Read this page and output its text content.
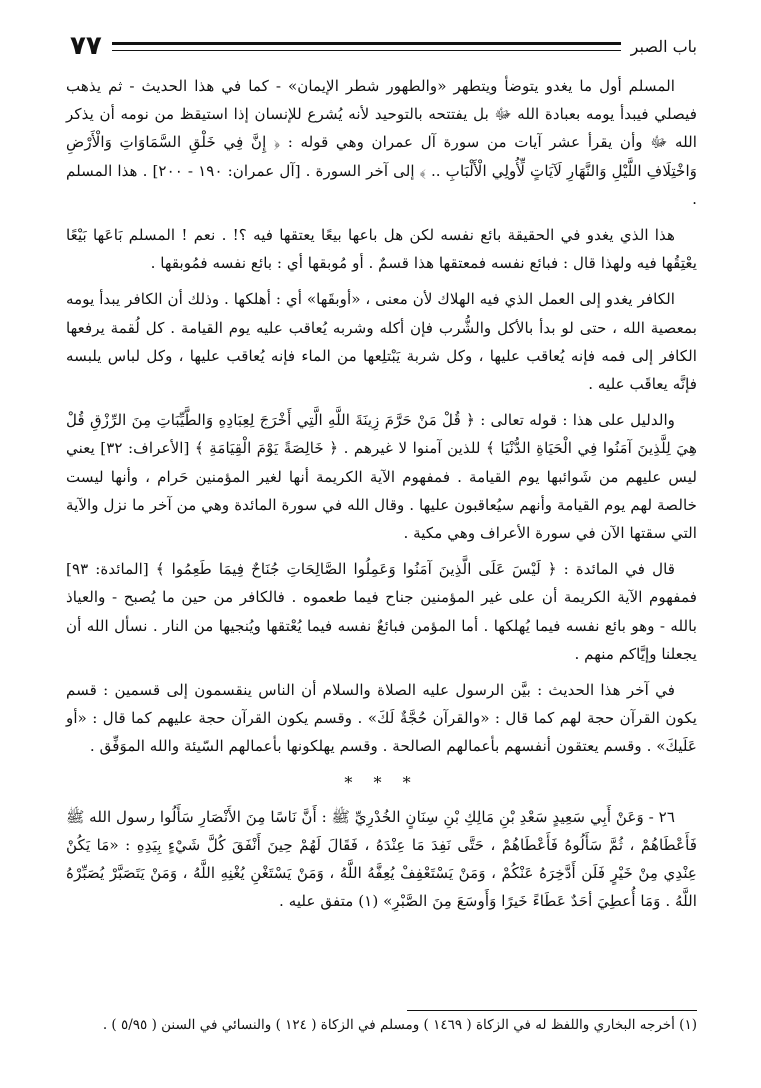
باب الصبر
٧٧

المسلم أول ما يغدو يتوضأ ويتطهر «والطهور شطر الإيمان» - كما في هذا الحديث - ثم يذهب فيصلي فيبدأ يومه بعبادة الله ﷻ بل يفتتحه بالتوحيد لأنه يُشرع للإنسان إذا استيقظ من نومه أن يذكر الله ﷻ وأن يقرأ عشر آيات من سورة آل عمران وهي قوله : ﴿ إِنَّ فِي خَلْقِ السَّمَاوَاتِ وَالْأَرْضِ وَاخْتِلَافِ اللَّيْلِ وَالنَّهَارِ لَآيَاتٍ لِّأُولِي الْأَلْبَابِ .. ﴾ إلى آخر السورة . [آل عمران: ١٩٠ - ٢٠٠] . هذا المسلم .

هذا الذي يغدو في الحقيقة بائع نفسه لكن هل باعها بيعًا يعتقها فيه ؟! . نعم ! المسلم بَاعَها بَيْعًا يعْتِقُها فيه ولهذا قال : فبائع نفسه فمعتقها هذا قسمٌ . أو مُوبقها أي : بائع نفسه فمُوبقها .

الكافر يغدو إلى العمل الذي فيه الهلاك لأن معنى ، «أوبقَها» أي : أهلكها . وذلك أن الكافر يبدأ يومه بمعصية الله ، حتى لو بدأ بالأكل والشُّرب فإن أكله وشربه يُعاقب عليه يوم القيامة . كل لُقمة يرفعها الكافر إلى فمه فإنه يُعاقب عليها ، وكل شربة يَبْتلِعها من الماء فإنه يُعاقب عليها ، وكل لباس يلبسه فإنَّه يعاقَب عليه .

والدليل على هذا : قوله تعالى : ﴿ قُلْ مَنْ حَرَّمَ زِينَةَ اللَّهِ الَّتِي أَخْرَجَ لِعِبَادِهِ وَالطَّيِّبَاتِ مِنَ الرِّزْقِ قُلْ هِيَ لِلَّذِينَ آمَنُوا فِي الْحَيَاةِ الدُّنْيَا ﴾ للذين آمنوا لا غيرهم . ﴿ خَالِصَةً يَوْمَ الْقِيَامَةِ ﴾ [الأعراف: ٣٢] يعني ليس عليهم من شَوائبها يوم القيامة . فمفهوم الآية الكريمة أنها لغير المؤمنين حَرام ، وأنها ليست خالصة لهم يوم القيامة وأنهم سيُعاقبون عليها . وقال الله في سورة المائدة وهي من آخر ما نزل والآية التي سقتها الآن في سورة الأعراف وهي مكية .

قال في المائدة : ﴿ لَيْسَ عَلَى الَّذِينَ آمَنُوا وَعَمِلُوا الصَّالِحَاتِ جُنَاحٌ فِيمَا طَعِمُوا ﴾ [المائدة: ٩٣] فمفهوم الآية الكريمة أن على غير المؤمنين جناح فيما طعموه . فالكافر من حين ما يُصبح - والعياذ بالله - وهو بائع نفسه فيما يُهلكها . أما المؤمن فبائعٌ نفسه فيما يُعْتقها ويُنجيها من النار . نسأل الله أن يجعلنا وإيَّاكم منهم .

في آخر هذا الحديث : بيَّن الرسول عليه الصلاة والسلام أن الناس ينقسمون إلى قسمين : قسم يكون القرآن حجة لهم كما قال : «والقرآن حُجَّةٌ لَكَ» . وقسم يكون القرآن حجة عليهم كما قال : «أو عَلَيكَ» . وقسم يعتقون أنفسهم بأعمالهم الصالحة . وقسم يهلكونها بأعمالهم السّيئة والله الموَفِّق .

* * *

٢٦ - وَعَنْ أَبِي سَعِيدٍ سَعْدِ بْنِ مَالِكِ بْنِ سِنَانٍ الخُدْرِيِّ ﷺ : أَنَّ نَاسًا مِنَ الأَنْصَارِ سَأَلُوا رسول الله ﷺ فَأَعْطَاهُمْ ، ثُمَّ سَأَلُوهُ فَأَعْطَاهُمْ ، حَتَّى نَفِدَ مَا عِنْدَهُ ، فَقَالَ لَهُمْ حِينَ أَنْفَقَ كُلَّ شَيْءٍ بِيَدِهِ : «مَا يَكُنْ عِنْدِي مِنْ خَيْرٍ فَلَن أَدَّخِرَهُ عَنْكُمْ ، وَمَنْ يَسْتَعْفِفْ يُعِفَّهُ اللَّهُ ، وَمَنْ يَسْتَغْنِ يُغْنِهِ اللَّهُ ، وَمَنْ يَتَصَبَّرْ يُصَبِّرْهُ اللَّهُ . وَمَا أُعطِيَ أحَدٌ عَطَاءً خَيرًا وَأَوسَعَ مِنَ الصَّبْرِ» (١) متفق عليه .

(١) أخرجه البخاري واللفظ له في الزكاة ( ١٤٦٩ ) ومسلم في الزكاة ( ١٢٤ ) والنسائي في السنن ( ٥/٩٥ ) .
